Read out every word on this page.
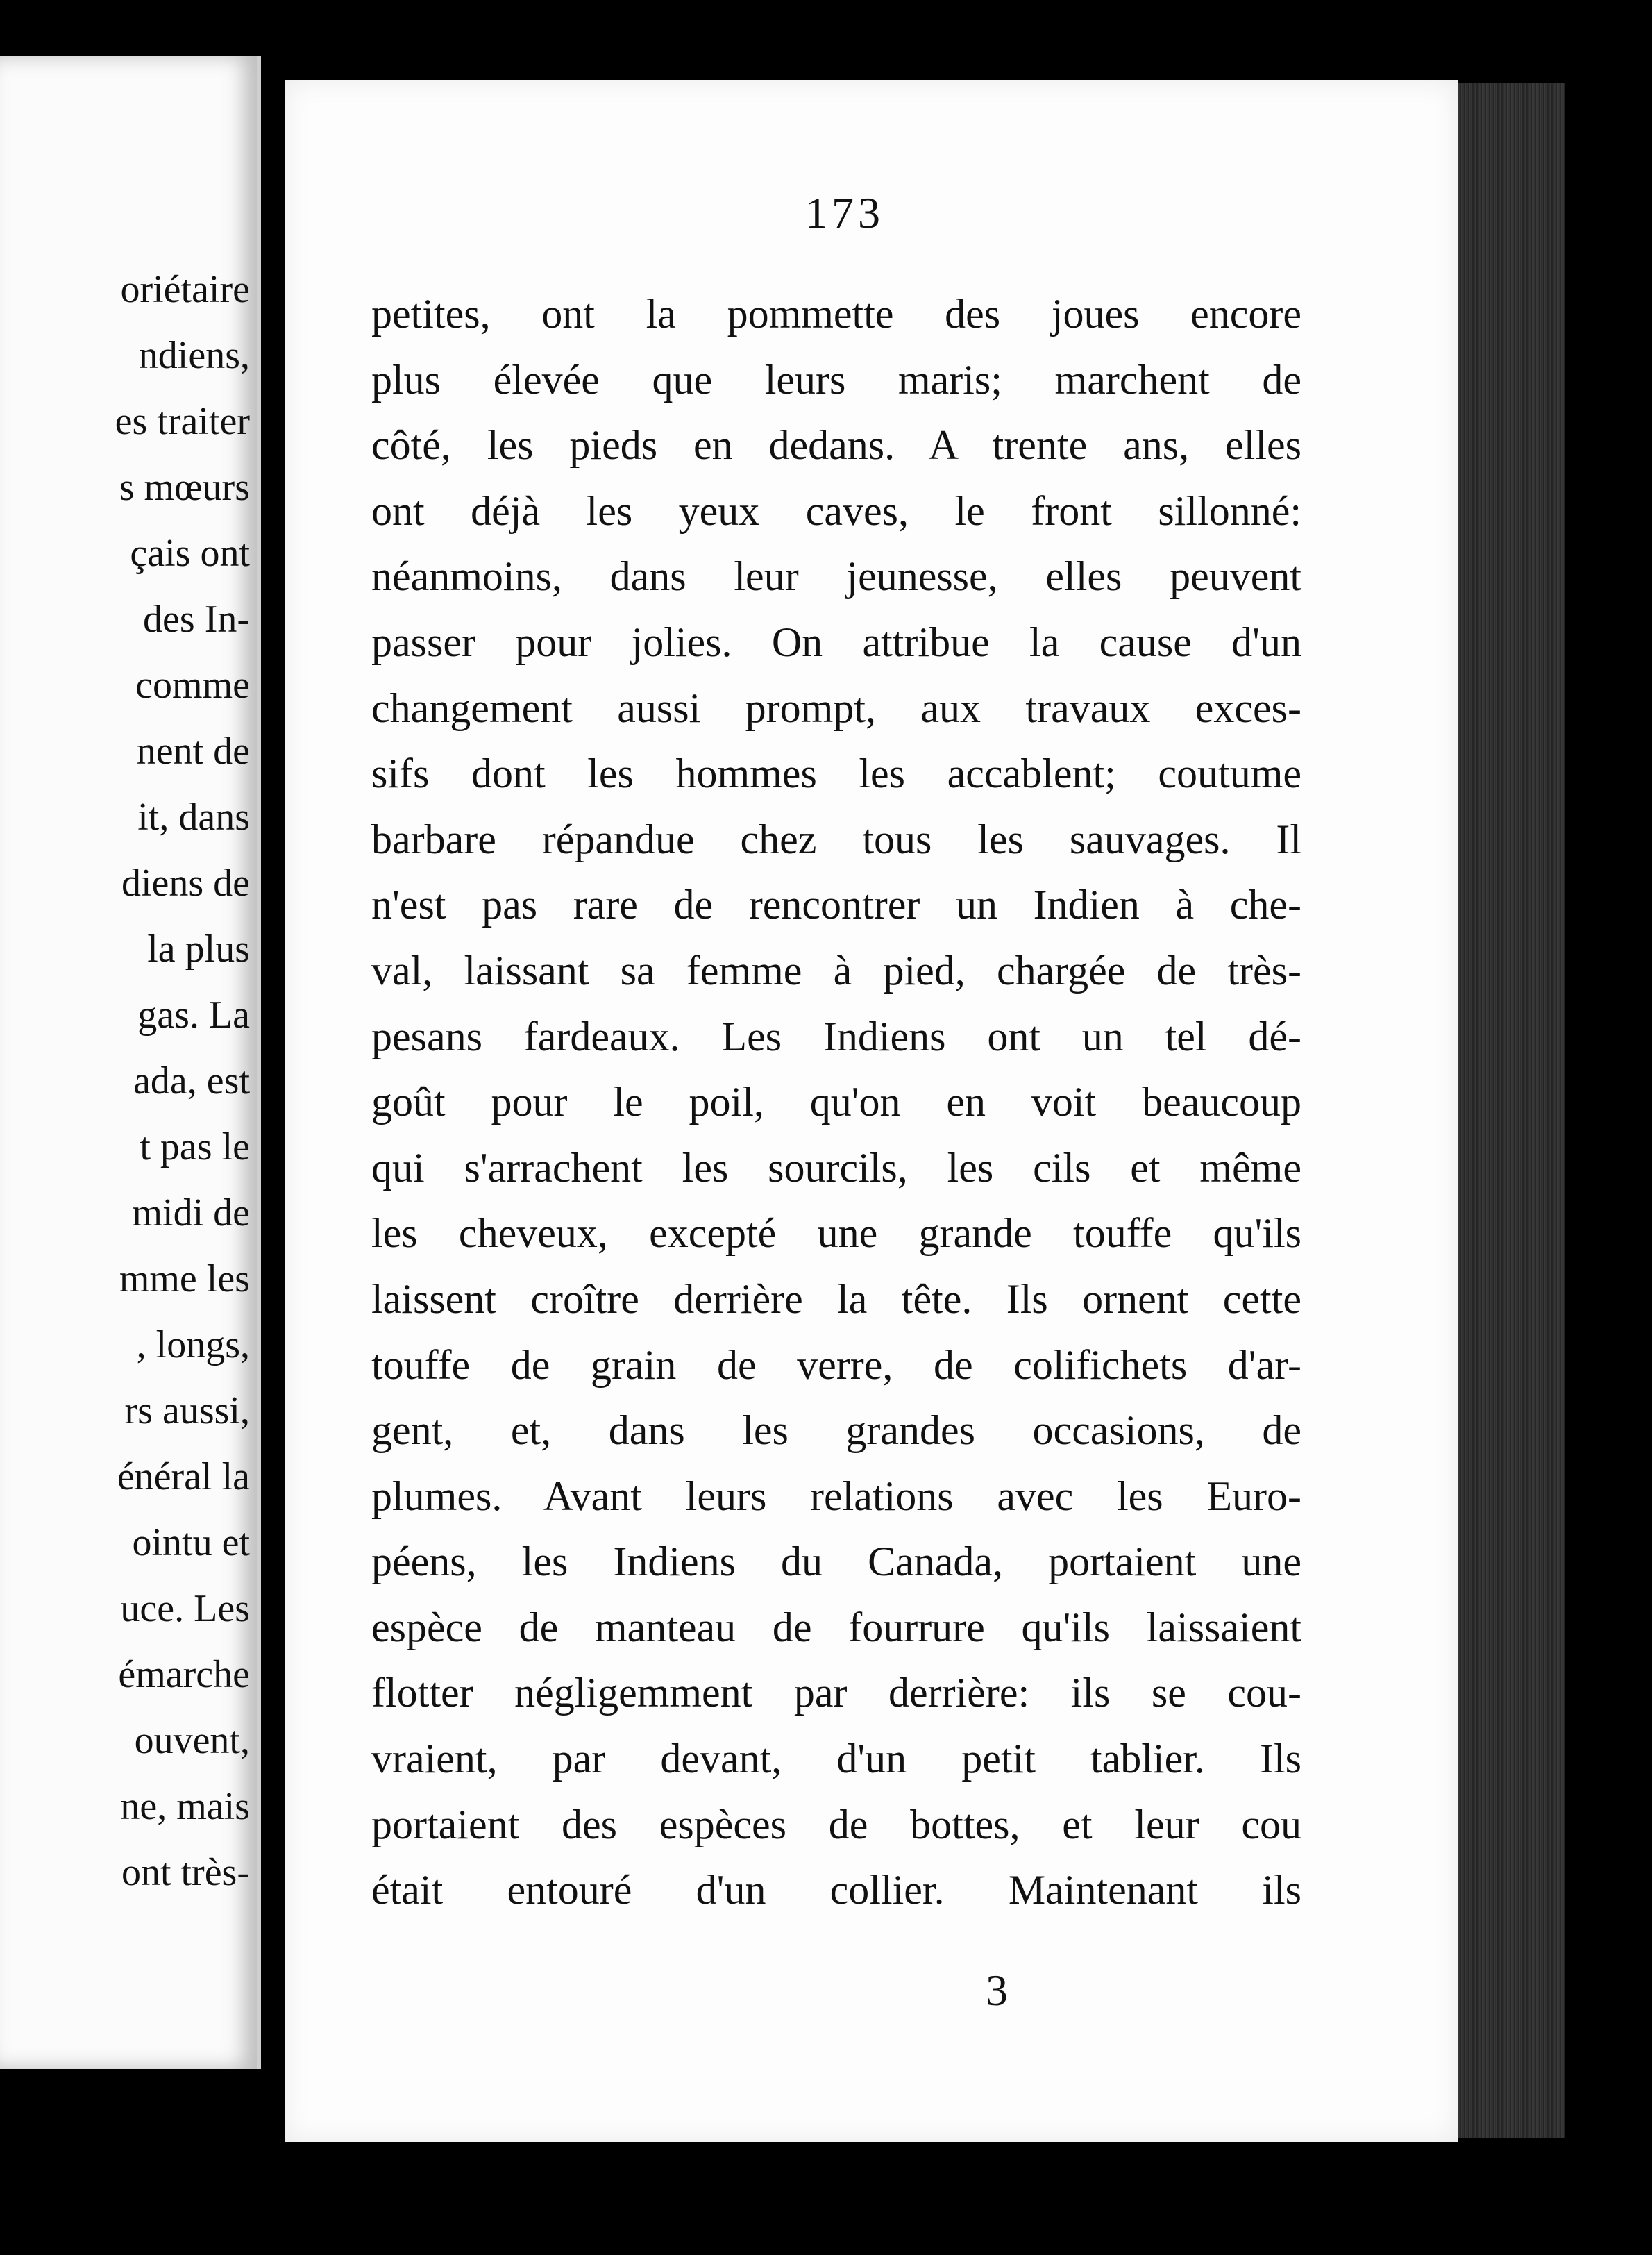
oriétaire
ndiens,
es traiter
s mœurs
çais ont
des In-
comme
nent de
it, dans
diens de
la plus
gas. La
ada, est
t pas le
midi de
mme les
, longs,
rs aussi,
énéral la
ointu et
uce. Les
émarche
ouvent,
ne, mais
ont très-
173
petites, ont la pommette des joues encore
plus élevée que leurs maris; marchent de
côté, les pieds en dedans. A trente ans, elles
ont déjà les yeux caves, le front sillonné:
néanmoins, dans leur jeunesse, elles peuvent
passer pour jolies. On attribue la cause d'un
changement aussi prompt, aux travaux exces-
sifs dont les hommes les accablent; coutume
barbare répandue chez tous les sauvages. Il
n'est pas rare de rencontrer un Indien à che-
val, laissant sa femme à pied, chargée de très-
pesans fardeaux. Les Indiens ont un tel dé-
goût pour le poil, qu'on en voit beaucoup
qui s'arrachent les sourcils, les cils et même
les cheveux, excepté une grande touffe qu'ils
laissent croître derrière la tête. Ils ornent cette
touffe de grain de verre, de colifichets d'ar-
gent, et, dans les grandes occasions, de
plumes. Avant leurs relations avec les Euro-
péens, les Indiens du Canada, portaient une
espèce de manteau de fourrure qu'ils laissaient
flotter négligemment par derrière: ils se cou-
vraient, par devant, d'un petit tablier. Ils
portaient des espèces de bottes, et leur cou
était entouré d'un collier. Maintenant ils
3
